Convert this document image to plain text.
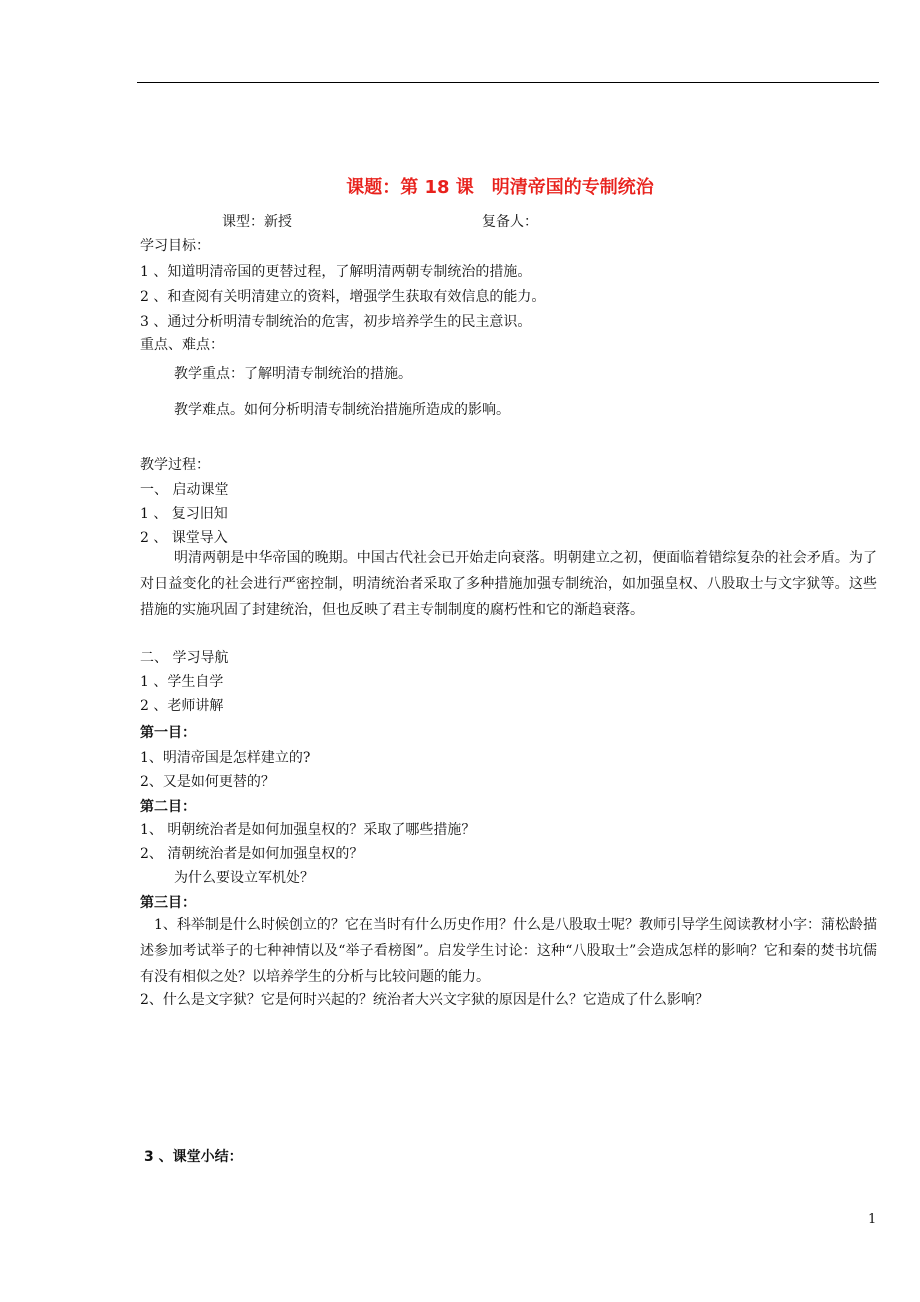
课题：第 18 课　明清帝国的专制统治
课型：新授	复备人：
学习目标：
1 、知道明清帝国的更替过程，了解明清两朝专制统治的措施。
2 、和查阅有关明清建立的资料，增强学生获取有效信息的能力。
3 、通过分析明清专制统治的危害，初步培养学生的民主意识。
重点、难点：
教学重点：了解明清专制统治的措施。
教学难点。如何分析明清专制统治措施所造成的影响。
教学过程：
一、 启动课堂
1 、 复习旧知
2 、 课堂导入
明清两朝是中华帝国的晚期。中国古代社会已开始走向衰落。明朝建立之初，便面临着错综复杂的社会矛盾。为了对日益变化的社会进行严密控制，明清统治者采取了多种措施加强专制统治，如加强皇权、八股取士与文字狱等。这些措施的实施巩固了封建统治，但也反映了君主专制制度的腐朽性和它的渐趋衰落。
二、 学习导航
1 、学生自学
2 、老师讲解
第一目：
1、明清帝国是怎样建立的?
2、又是如何更替的？
第二目：
1、 明朝统治者是如何加强皇权的？采取了哪些措施？
2、 清朝统治者是如何加强皇权的？
为什么要设立军机处？
第三目：
1、科举制是什么时候创立的？它在当时有什么历史作用？什么是八股取士呢？教师引导学生阅读教材小字：蒲松龄描述参加考试举子的七种神情以及“举子看榜图”。启发学生讨论：这种“八股取士”会造成怎样的影响？它和秦的焚书坑儒有没有相似之处？以培养学生的分析与比较问题的能力。
2、什么是文字狱？它是何时兴起的？统治者大兴文字狱的原因是什么？它造成了什么影响？
3 、课堂小结：
1
